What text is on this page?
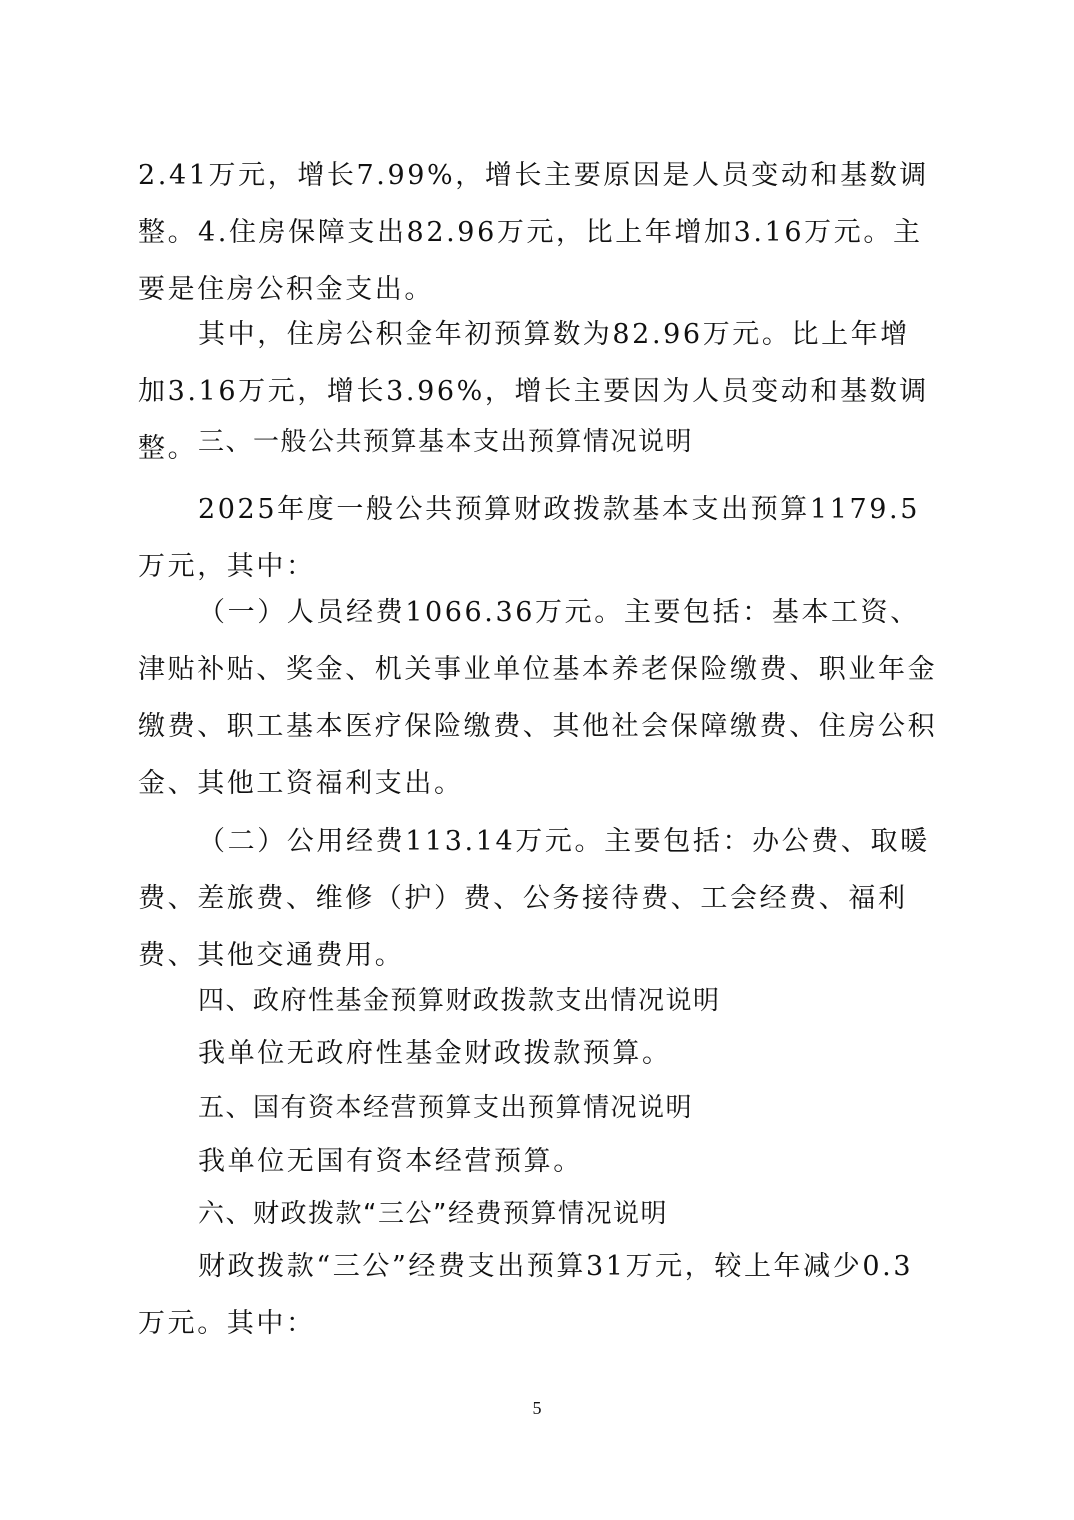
2.41万元，增长7.99%，增长主要原因是人员变动和基数调整。 4.住房保障支出82.96万元，比上年增加3.16万元。主要是住房公积金支出。

其中，住房公积金年初预算数为82.96万元。比上年增加3.16万元，增长3.96%，增长主要因为人员变动和基数调整。 三、一般公共预算基本支出预算情况说明

2025年度一般公共预算财政拨款基本支出预算1179.5万元，其中：

（一）人员经费1066.36万元。主要包括：基本工资、津贴补贴、奖金、机关事业单位基本养老保险缴费、职业年金缴费、职工基本医疗保险缴费、其他社会保障缴费、住房公积金、其他工资福利支出。

（二）公用经费113.14万元。主要包括：办公费、取暖费、差旅费、维修（护）费、公务接待费、工会经费、福利费、其他交通费用。

四、政府性基金预算财政拨款支出情况说明

我单位无政府性基金财政拨款预算。

五、国有资本经营预算支出预算情况说明

我单位无国有资本经营预算。

六、财政拨款“三公”经费预算情况说明

财政拨款“三公”经费支出预算31万元，较上年减少0.3万元。其中：

5
